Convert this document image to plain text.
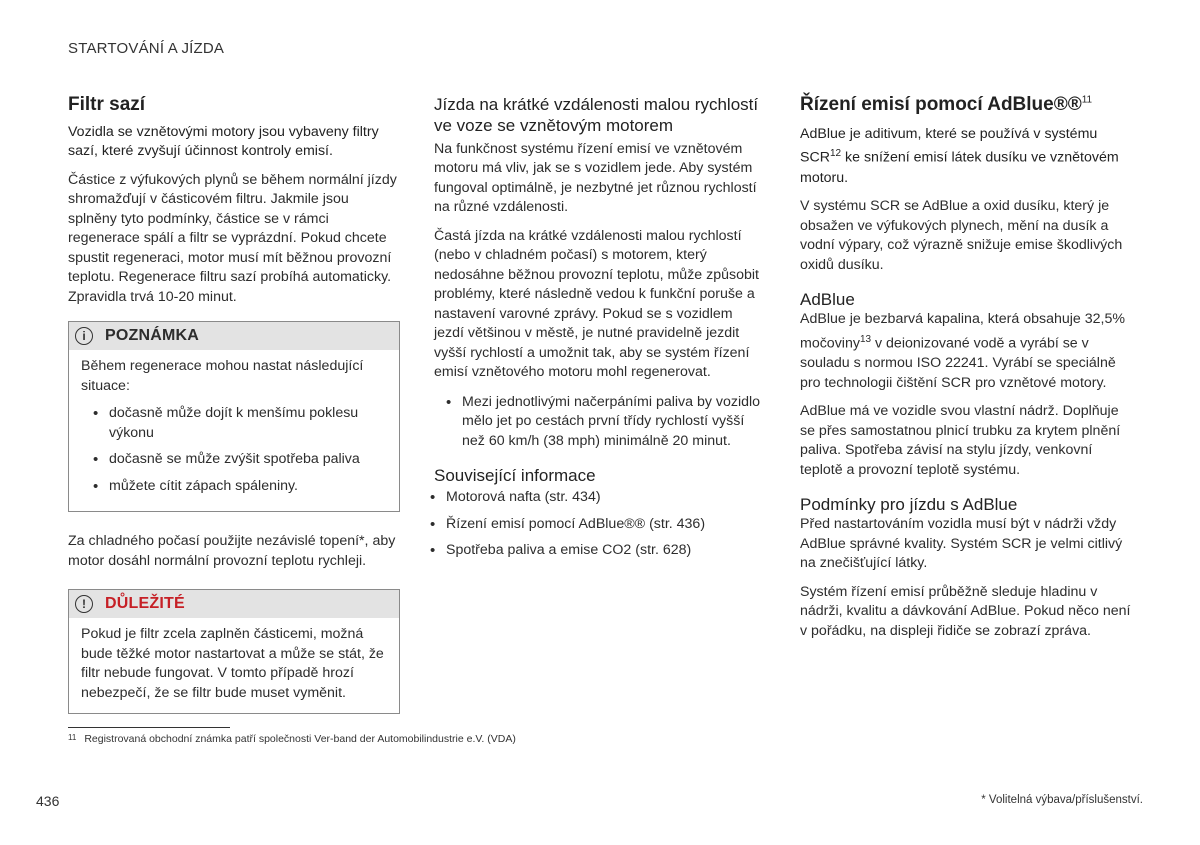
STARTOVÁNÍ A JÍZDA
Filtr sazí

Vozidla se vznětovými motory jsou vybaveny filtry sazí, které zvyšují účinnost kontroly emisí.

Částice z výfukových plynů se během normální jízdy shromažďují v částicovém filtru. Jakmile jsou splněny tyto podmínky, částice se v rámci regenerace spálí a filtr se vyprázdní. Pokud chcete spustit regeneraci, motor musí mít běžnou provozní teplotu. Regenerace filtru sazí probíhá automaticky. Zpravidla trvá 10-20 minut.

i	POZNÁMKA

Během regenerace mohou nastat následující situace:

• dočasně může dojít k menšímu poklesu výkonu
• dočasně se může zvýšit spotřeba paliva
• můžete cítit zápach spáleniny.

Za chladného počasí použijte nezávislé topení*, aby motor dosáhl normální provozní teplotu rychleji.

!	DŮLEŽITÉ

Pokud je filtr zcela zaplněn částicemi, možná bude těžké motor nastartovat a může se stát, že filtr nebude fungovat. V tomto případě hrozí nebezpečí, že se filtr bude muset vyměnit.

Jízda na krátké vzdálenosti malou rychlostí ve voze se vznětovým motorem

Na funkčnost systému řízení emisí ve vznětovém motoru má vliv, jak se s vozidlem jede. Aby systém fungoval optimálně, je nezbytné jet různou rychlostí na různé vzdálenosti.

Častá jízda na krátké vzdálenosti malou rychlostí (nebo v chladném počasí) s motorem, který nedosáhne běžnou provozní teplotu, může způsobit problémy, které následně vedou k funkční poruše a nastavení varovné zprávy. Pokud se s vozidlem jezdí většinou v městě, je nutné pravidelně jezdit vyšší rychlostí a umožnit tak, aby se systém řízení emisí vznětového motoru mohl regenerovat.

• Mezi jednotlivými načerpáními paliva by vozidlo mělo jet po cestách první třídy rychlostí vyšší než 60 km/h (38 mph) minimálně 20 minut.
Související informace
• Motorová nafta (str. 434)
• Řízení emisí pomocí AdBlue®® (str. 436)
• Spotřeba paliva a emise CO2 (str. 628)
Řízení emisí pomocí AdBlue®®$^{11}$

AdBlue je aditivum, které se používá v systému SCR$^{12}$ ke snížení emisí látek dusíku ve vznětovém motoru.

V systému SCR se AdBlue a oxid dusíku, který je obsažen ve výfukových plynech, mění na dusík a vodní výpary, což výrazně snižuje emise škodlivých oxidů dusíku.

AdBlue

AdBlue je bezbarvá kapalina, která obsahuje 32,5% močoviny$^{13}$ v deionizované vodě a vyrábí se v souladu s normou ISO 22241. Vyrábí se speciálně pro technologii čištění SCR pro vznětové motory.

AdBlue má ve vozidle svou vlastní nádrž. Doplňuje se přes samostatnou plnicí trubku za krytem plnění paliva. Spotřeba závisí na stylu jízdy, venkovní teplotě a provozní teplotě systému.

Podmínky pro jízdu s AdBlue

Před nastartováním vozidla musí být v nádrži vždy AdBlue správné kvality. Systém SCR je velmi citlivý na znečišťující látky.

Systém řízení emisí průběžně sleduje hladinu v nádrži, kvalitu a dávkování AdBlue. Pokud něco není v pořádku, na displeji řidiče se zobrazí zpráva.

$^{11}$ Registrovaná obchodní známka patří společnosti Ver-band der Automobilindustrie e.V. (VDA)
436	* Volitelná výbava/příslušenství.
